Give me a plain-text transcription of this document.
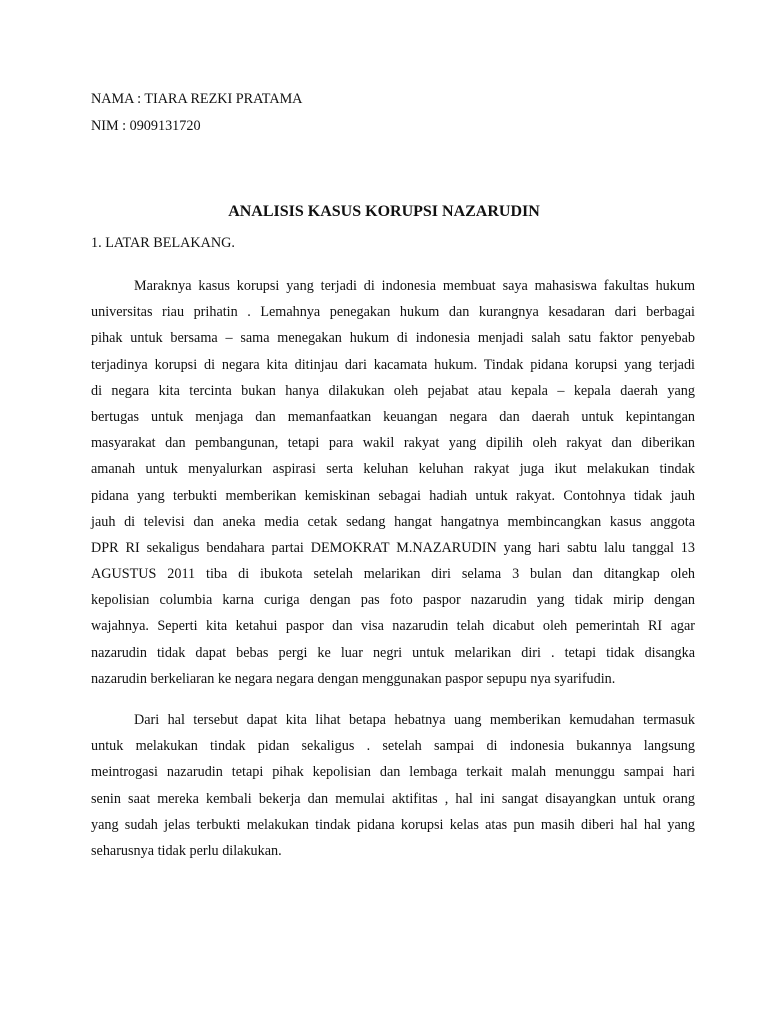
NAMA : TIARA REZKI PRATAMA

NIM : 0909131720

ANALISIS KASUS KORUPSI NAZARUDIN

1. LATAR BELAKANG.

Maraknya kasus korupsi yang terjadi di indonesia membuat saya mahasiswa fakultas hukum
universitas riau prihatin . Lemahnya penegakan hukum dan kurangnya kesadaran dari berbagai
pihak untuk bersama – sama menegakan hukum di indonesia menjadi salah satu faktor penyebab
terjadinya korupsi di negara kita ditinjau dari kacamata hukum. Tindak pidana korupsi yang terjadi
di negara kita tercinta bukan hanya dilakukan oleh pejabat atau kepala – kepala daerah yang
bertugas untuk menjaga dan memanfaatkan keuangan negara dan daerah untuk kepintangan
masyarakat dan pembangunan, tetapi para wakil rakyat yang dipilih oleh rakyat dan diberikan
amanah untuk menyalurkan aspirasi serta keluhan keluhan rakyat juga ikut melakukan tindak
pidana yang terbukti memberikan kemiskinan sebagai hadiah untuk rakyat. Contohnya tidak jauh
jauh di televisi dan aneka media cetak sedang hangat hangatnya membincangkan kasus anggota
DPR RI sekaligus bendahara partai DEMOKRAT M.NAZARUDIN yang hari sabtu lalu tanggal 13
AGUSTUS 2011 tiba di ibukota setelah melarikan diri selama 3 bulan dan ditangkap oleh
kepolisian columbia karna curiga dengan pas foto paspor nazarudin yang tidak mirip dengan
wajahnya. Seperti kita ketahui paspor dan visa nazarudin telah dicabut oleh pemerintah RI agar
nazarudin tidak dapat bebas pergi ke luar negri untuk melarikan diri . tetapi tidak disangka
nazarudin berkeliaran ke negara negara dengan menggunakan paspor sepupu nya syarifudin.
Dari hal tersebut dapat kita lihat betapa hebatnya uang memberikan kemudahan termasuk
untuk melakukan tindak pidan sekaligus . setelah sampai di indonesia bukannya langsung
meintrogasi nazarudin tetapi pihak kepolisian dan lembaga terkait malah menunggu sampai hari
senin saat mereka kembali bekerja dan memulai aktifitas , hal ini sangat disayangkan untuk orang
yang sudah jelas terbukti melakukan tindak pidana korupsi kelas atas pun masih diberi hal hal yang
seharusnya tidak perlu dilakukan.
